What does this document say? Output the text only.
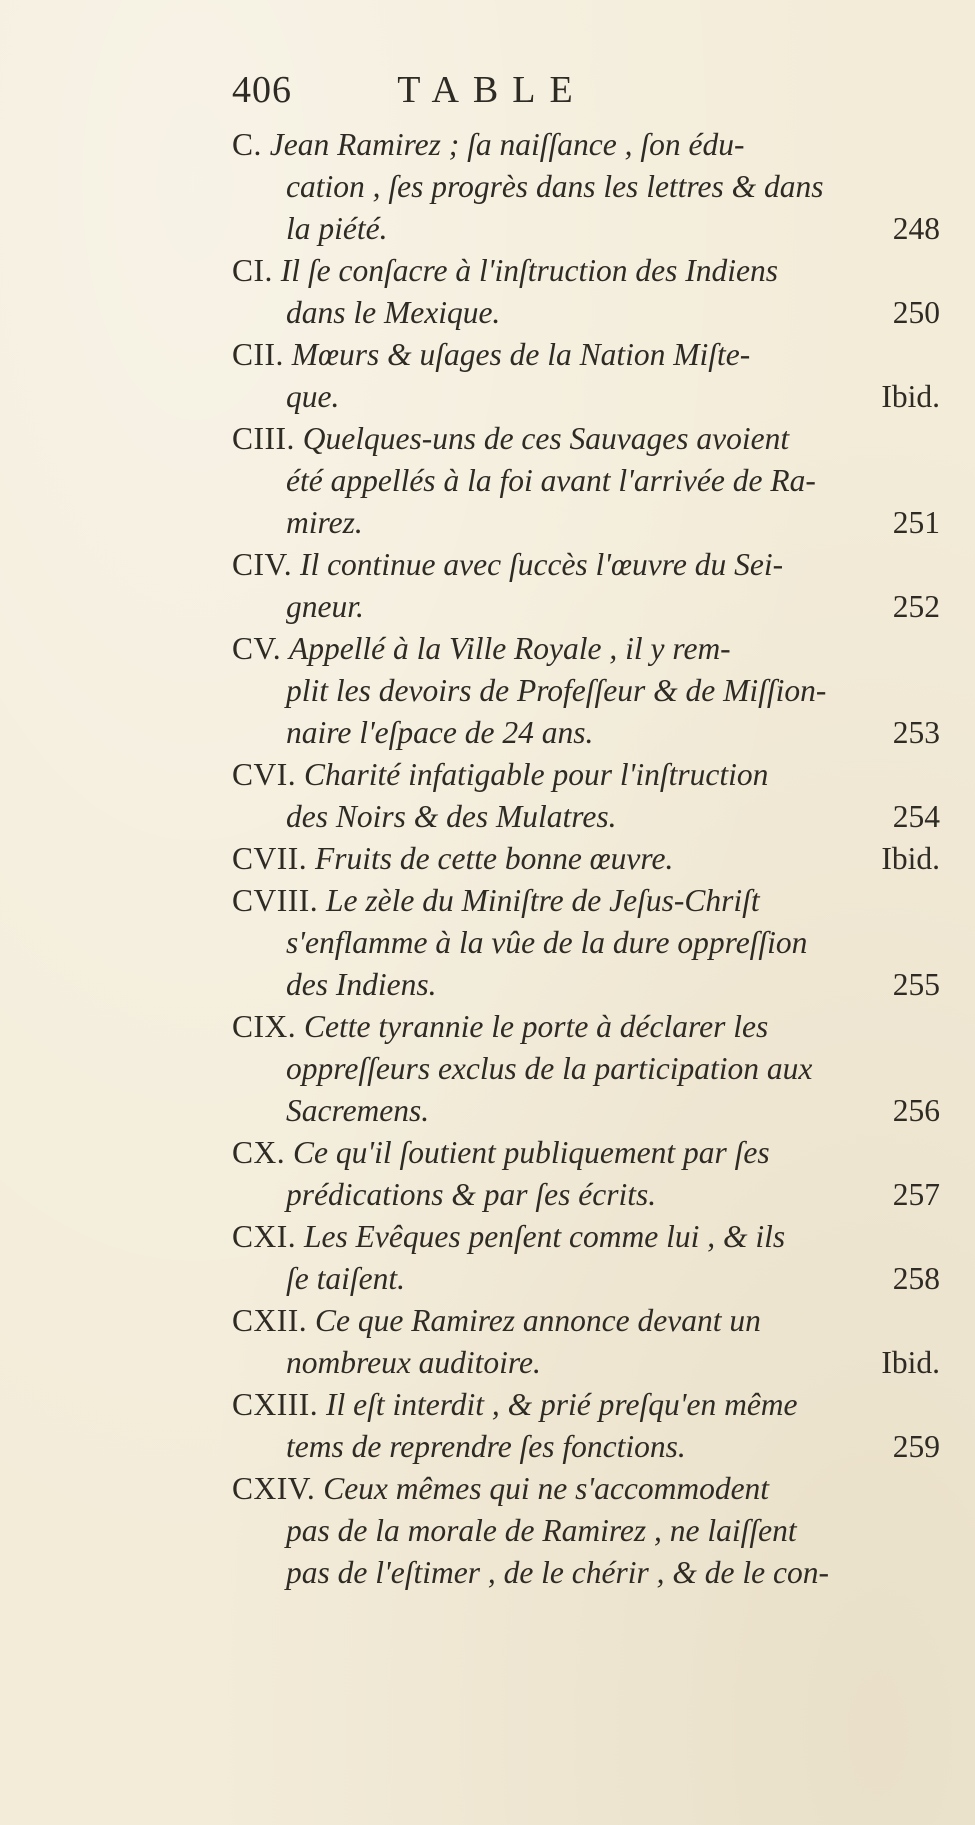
406	TABLE
C. Jean Ramirez ; ſa naiſſance , ſon édu-
cation , ſes progrès dans les lettres & dans
la piété.	248
CI. Il ſe conſacre à l'inſtruction des Indiens
dans le Mexique.	250
CII. Mœurs & uſages de la Nation Miſte-
que.	Ibid.
CIII. Quelques-uns de ces Sauvages avoient
été appellés à la foi avant l'arrivée de Ra-
mirez.	251
CIV. Il continue avec ſuccès l'œuvre du Sei-
gneur.	252
CV. Appellé à la Ville Royale , il y rem-
plit les devoirs de Profeſſeur & de Miſſion-
naire l'eſpace de 24 ans.	253
CVI. Charité infatigable pour l'inſtruction
des Noirs & des Mulatres.	254
CVII. Fruits de cette bonne œuvre.	Ibid.
CVIII. Le zèle du Miniſtre de Jeſus-Chriſt
s'enflamme à la vûe de la dure oppreſſion
des Indiens.	255
CIX. Cette tyrannie le porte à déclarer les
oppreſſeurs exclus de la participation aux
Sacremens.	256
CX. Ce qu'il ſoutient publiquement par ſes
prédications & par ſes écrits.	257
CXI. Les Evêques penſent comme lui , & ils
ſe taiſent.	258
CXII. Ce que Ramirez annonce devant un
nombreux auditoire.	Ibid.
CXIII. Il eſt interdit , & prié preſqu'en même
tems de reprendre ſes fonctions.	259
CXIV. Ceux mêmes qui ne s'accommodent
pas de la morale de Ramirez , ne laiſſent
pas de l'eſtimer , de le chérir , & de le con-
